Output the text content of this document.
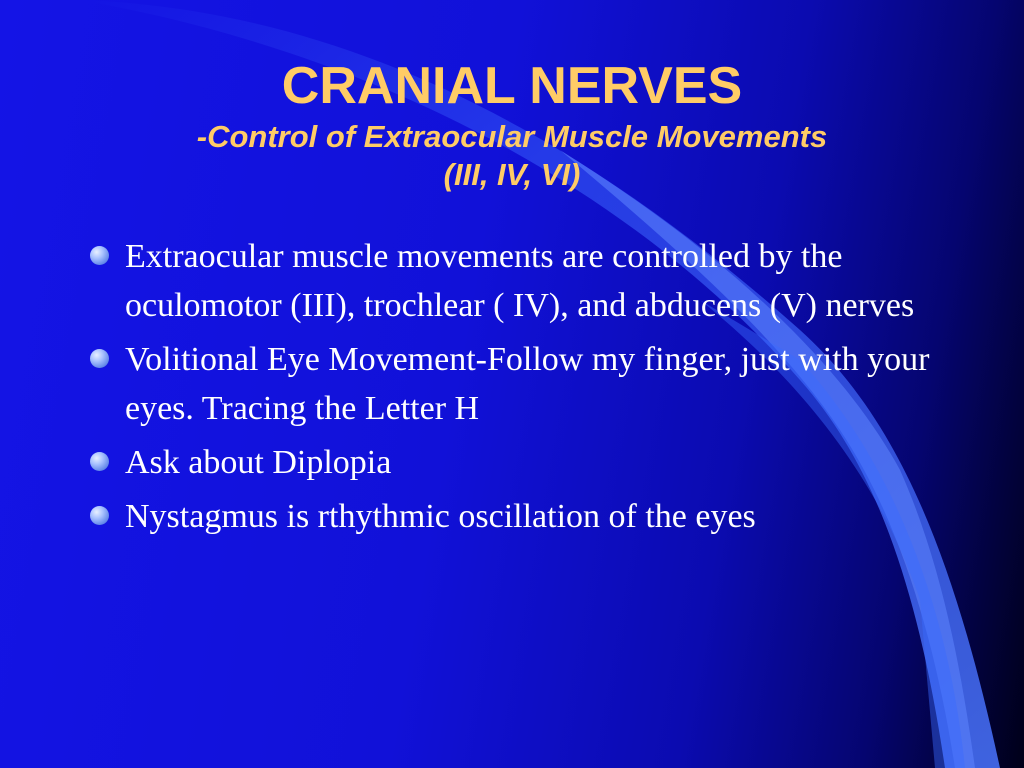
CRANIAL NERVES
-Control of Extraocular Muscle Movements
(III, IV, VI)
Extraocular muscle movements are controlled by the oculomotor (III), trochlear ( IV), and abducens (V) nerves
Volitional Eye Movement-Follow my finger, just with your eyes. Tracing the Letter H
Ask about Diplopia
Nystagmus is rthythmic oscillation of the eyes
